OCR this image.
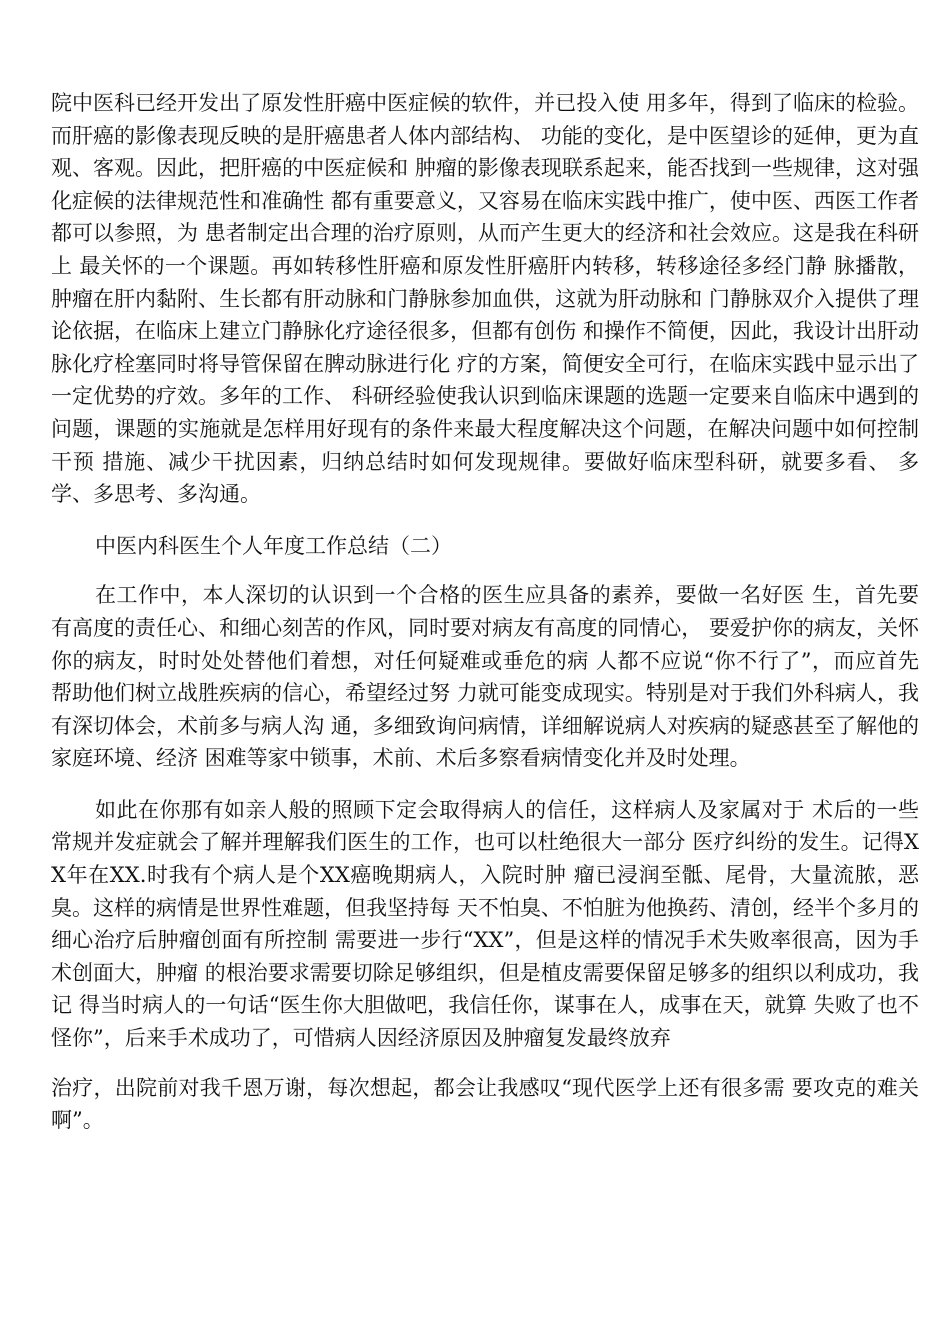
院中医科已经开发出了原发性肝癌中医症候的软件，并已投入使 用多年，得到了临床的检验。而肝癌的影像表现反映的是肝癌患者人体内部结构、 功能的变化，是中医望诊的延伸，更为直观、客观。因此，把肝癌的中医症候和 肿瘤的影像表现联系起来，能否找到一些规律，这对强化症候的法律规范性和准确性 都有重要意义，又容易在临床实践中推广，使中医、西医工作者都可以参照，为 患者制定出合理的治疗原则，从而产生更大的经济和社会效应。这是我在科研上 最关怀的一个课题。再如转移性肝癌和原发性肝癌肝内转移，转移途径多经门静 脉播散，肿瘤在肝内黏附、生长都有肝动脉和门静脉参加血供，这就为肝动脉和 门静脉双介入提供了理论依据，在临床上建立门静脉化疗途径很多，但都有创伤 和操作不简便，因此，我设计出肝动脉化疗栓塞同时将导管保留在脾动脉进行化 疗的方案，简便安全可行，在临床实践中显示出了一定优势的疗效。多年的工作、 科研经验使我认识到临床课题的选题一定要来自临床中遇到的问题，课题的实施就是怎样用好现有的条件来最大程度解决这个问题，在解决问题中如何控制干预 措施、减少干扰因素，归纳总结时如何发现规律。要做好临床型科研，就要多看、 多学、多思考、多沟通。

中医内科医生个人年度工作总结（二）

在工作中，本人深切的认识到一个合格的医生应具备的素养，要做一名好医 生，首先要有高度的责任心、和细心刻苦的作风，同时要对病友有高度的同情心， 要爱护你的病友，关怀你的病友，时时处处替他们着想，对任何疑难或垂危的病 人都不应说“你不行了”，而应首先帮助他们树立战胜疾病的信心，希望经过努 力就可能变成现实。特别是对于我们外科病人，我有深切体会，术前多与病人沟 通，多细致询问病情，详细解说病人对疾病的疑惑甚至了解他的家庭环境、经济 困难等家中锁事，术前、术后多察看病情变化并及时处理。

如此在你那有如亲人般的照顾下定会取得病人的信任，这样病人及家属对于 术后的一些常规并发症就会了解并理解我们医生的工作，也可以杜绝很大一部分 医疗纠纷的发生。记得XX年在XX.时我有个病人是个XX癌晚期病人，入院时肿 瘤已浸润至骶、尾骨，大量流脓，恶臭。这样的病情是世界性难题，但我坚持每 天不怕臭、不怕脏为他换药、清创，经半个多月的细心治疗后肿瘤创面有所控制 需要进一步行“XX”，但是这样的情况手术失败率很高，因为手术创面大，肿瘤 的根治要求需要切除足够组织，但是植皮需要保留足够多的组织以利成功，我记 得当时病人的一句话“医生你大胆做吧，我信任你，谋事在人，成事在天，就算 失败了也不怪你”，后来手术成功了，可惜病人因经济原因及肿瘤复发最终放弃

治疗，出院前对我千恩万谢，每次想起，都会让我感叹“现代医学上还有很多需 要攻克的难关啊”。
